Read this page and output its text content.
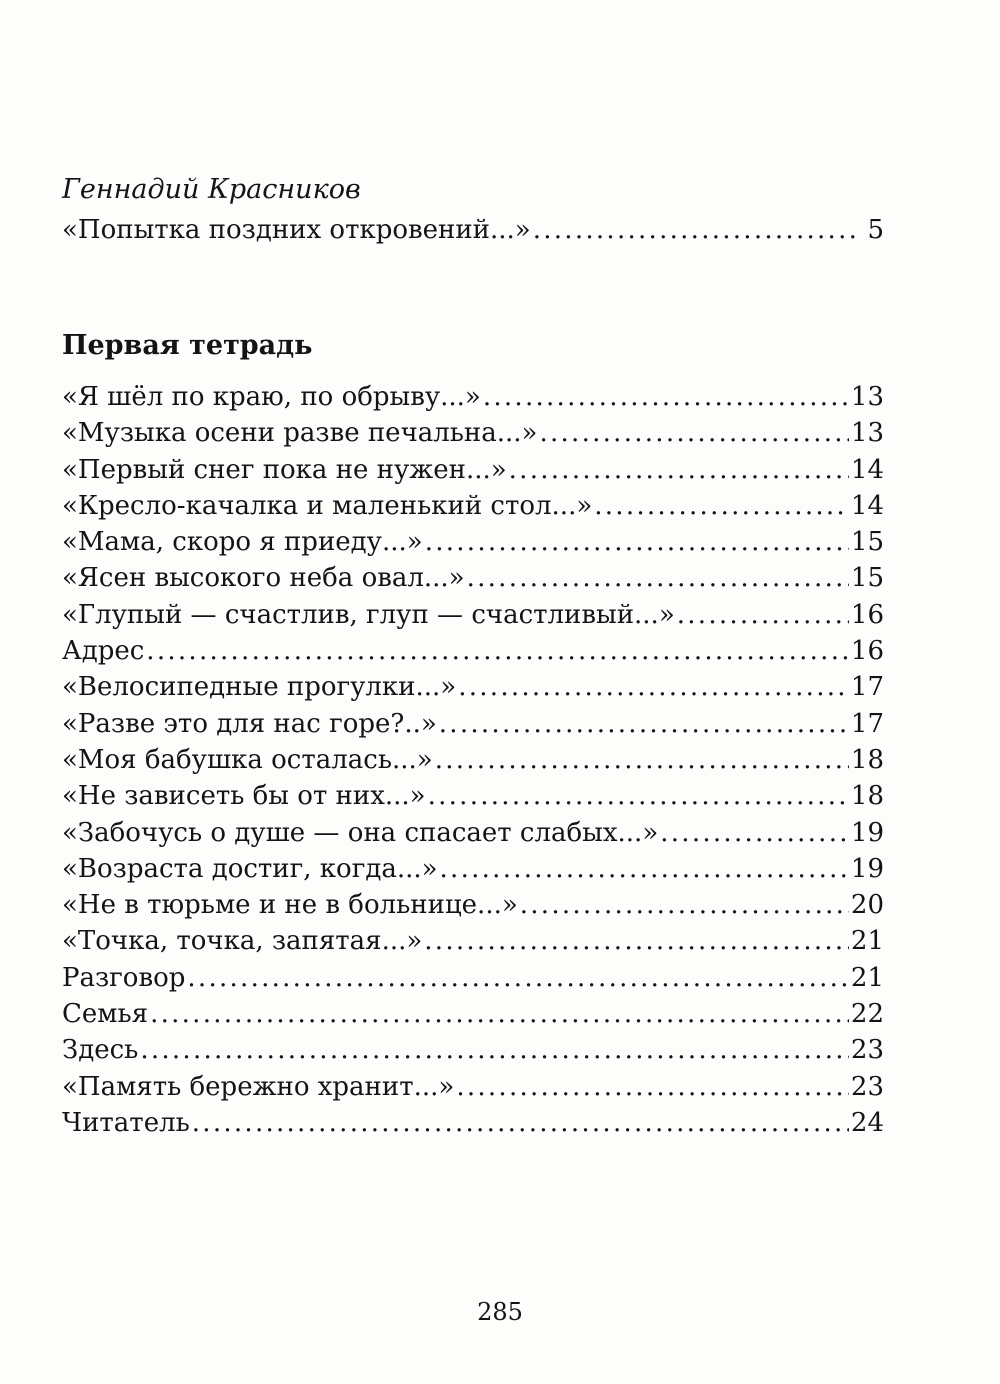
Геннадий Красников
«Попытка поздних откровений...» . . .	5
Первая тетрадь
«Я шёл по краю, по обрыву...» . . .	13
«Музыка осени разве печальна...» . . .	13
«Первый снег пока не нужен...» . . .	14
«Кресло-качалка и маленький стол...» . . .	14
«Мама, скоро я приеду...» . . .	15
«Ясен высокого неба овал...» . . .	15
«Глупый — счастлив, глуп — счастливый...» . . .	16
Адрес . . .	16
«Велосипедные прогулки...» . . .	17
«Разве это для нас горе?..» . . .	17
«Моя бабушка осталась...» . . .	18
«Не зависеть бы от них...» . . .	18
«Забочусь о душе — она спасает слабых...» . . .	19
«Возраста достиг, когда...» . . .	19
«Не в тюрьме и не в больнице...» . . .	20
«Точка, точка, запятая...» . . .	21
Разговор . . .	21
Семья . . .	22
Здесь . . .	23
«Память бережно хранит...» . . .	23
Читатель . . .	24
285
